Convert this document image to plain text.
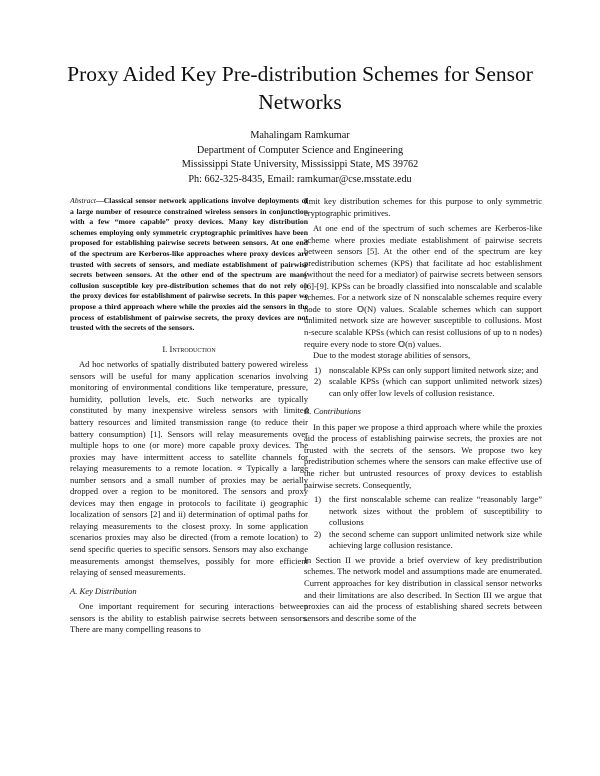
Proxy Aided Key Pre-distribution Schemes for Sensor Networks
Mahalingam Ramkumar
Department of Computer Science and Engineering
Mississippi State University, Mississippi State, MS 39762
Ph: 662-325-8435, Email: ramkumar@cse.msstate.edu
Abstract—Classical sensor network applications involve deployments of a large number of resource constrained wireless sensors in conjunction with a few “more capable” proxy devices. Many key distribution schemes employing only symmetric cryptographic primitives have been proposed for establishing pairwise secrets between sensors. At one end of the spectrum are Kerberos-like approaches where proxy devices are trusted with secrets of sensors, and mediate establishment of pairwise secrets between sensors. At the other end of the spectrum are many collusion susceptible key pre-distribution schemes that do not rely on the proxy devices for establishment of pairwise secrets. In this paper we propose a third approach where while the proxies aid the sensors in the process of establishment of pairwise secrets, the proxy devices are not trusted with the secrets of the sensors.
I. Introduction

Ad hoc networks of spatially distributed battery powered wireless sensors will be useful for many application scenarios involving monitoring of environmental conditions like temperature, pressure, humidity, pollution levels, etc. Such networks are typically constituted by many inexpensive wireless sensors with limited battery resources and limited transmission range (to reduce their battery consumption) [1]. Sensors will relay measurements over multiple hops to one (or more) more capable proxy devices. The proxies may have intermittent access to satellite channels for relaying measurements to a remote location. ∝ Typically a large number sensors and a small number of proxies may be aerially dropped over a region to be monitored. The sensors and proxy devices may then engage in protocols to facilitate i) geographic localization of sensors [2] and ii) determination of optimal paths for relaying measurements to the closest proxy. In some application scenarios proxies may also be directed (from a remote location) to send specific queries to specific sensors. Sensors may also exchange measurements amongst themselves, possibly for more efficient relaying of sensed measurements.

A. Key Distribution

One important requirement for securing interactions between sensors is the ability to establish pairwise secrets between sensors. There are many compelling reasons to

limit key distribution schemes for this purpose to only symmetric cryptographic primitives.

At one end of the spectrum of such schemes are Kerberos-like scheme where proxies mediate establishment of pairwise secrets between sensors [5]. At the other end of the spectrum are key predistribution schemes (KPS) that facilitate ad hoc establishment (without the need for a mediator) of pairwise secrets between sensors [6]-[9]. KPSs can be broadly classified into nonscalable and scalable schemes. For a network size of N nonscalable schemes require every node to store 𝕆(N) values. Scalable schemes which can support unlimited network size are however susceptible to collusions. Most n-secure scalable KPSs (which can resist collusions of up to n nodes) require every node to store 𝕆(n) values.

Due to the modest storage abilities of sensors,

1) nonscalable KPSs can only support limited network size; and
2) scalable KPSs (which can support unlimited network sizes) can only offer low levels of collusion resistance.
B. Contributions

In this paper we propose a third approach where while the proxies aid the process of establishing pairwise secrets, the proxies are not trusted with the secrets of the sensors. We propose two key predistribution schemes where the sensors can make effective use of the richer but untrusted resources of proxy devices to establish pairwise secrets. Consequently,

1) the first nonscalable scheme can realize “reasonably large” network sizes without the problem of susceptibility to collusions
2) the second scheme can support unlimited network size while achieving large collusion resistance.

In Section II we provide a brief overview of key predistribution schemes. The network model and assumptions made are enumerated. Current approaches for key distribution in classical sensor networks and their limitations are also described. In Section III we argue that proxies can aid the process of establishing shared secrets between sensors and describe some of the
